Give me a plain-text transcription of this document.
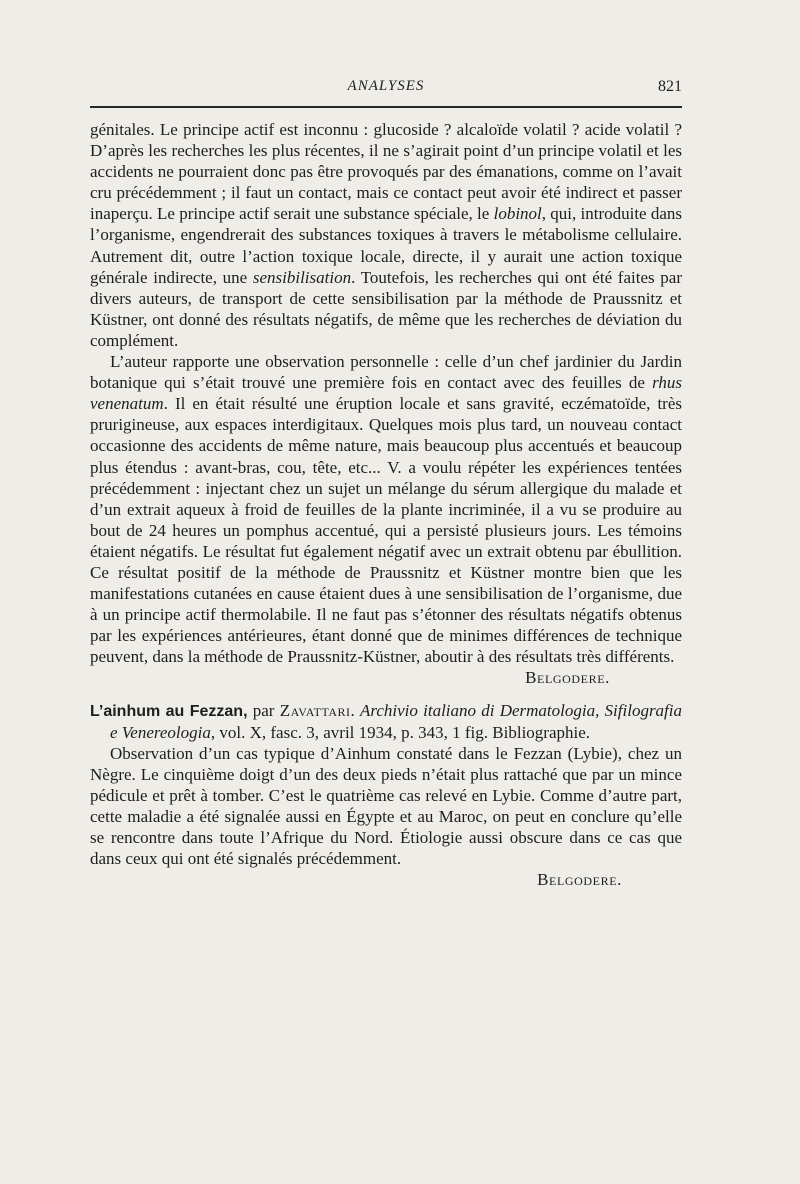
ANALYSES	821

génitales. Le principe actif est inconnu : glucoside ? alcaloïde volatil ? acide volatil ? D’après les recherches les plus récentes, il ne s’agirait point d’un principe volatil et les accidents ne pourraient donc pas être provoqués par des émanations, comme on l’avait cru précédemment ; il faut un contact, mais ce contact peut avoir été indirect et passer inaperçu. Le principe actif serait une substance spéciale, le lobinol, qui, introduite dans l’organisme, engendrerait des substances toxiques à travers le métabolisme cellulaire. Autrement dit, outre l’action toxique locale, directe, il y aurait une action toxique générale indirecte, une sensibilisation. Toutefois, les recherches qui ont été faites par divers auteurs, de transport de cette sensibilisation par la méthode de Praussnitz et Küstner, ont donné des résultats négatifs, de même que les recherches de déviation du complément.

L’auteur rapporte une observation personnelle : celle d’un chef jardinier du Jardin botanique qui s’était trouvé une première fois en contact avec des feuilles de rhus venenatum. Il en était résulté une éruption locale et sans gravité, eczématoïde, très prurigineuse, aux espaces interdigitaux. Quelques mois plus tard, un nouveau contact occasionne des accidents de même nature, mais beaucoup plus accentués et beaucoup plus étendus : avant-bras, cou, tête, etc... V. a voulu répéter les expériences tentées précédemment : injectant chez un sujet un mélange du sérum allergique du malade et d’un extrait aqueux à froid de feuilles de la plante incriminée, il a vu se produire au bout de 24 heures un pomphus accentué, qui a persisté plusieurs jours. Les témoins étaient négatifs. Le résultat fut également négatif avec un extrait obtenu par ébullition. Ce résultat positif de la méthode de Praussnitz et Küstner montre bien que les manifestations cutanées en cause étaient dues à une sensibilisation de l’organisme, due à un principe actif thermolabile. Il ne faut pas s’étonner des résultats négatifs obtenus par les expériences antérieures, étant donné que de minimes différences de technique peuvent, dans la méthode de Praussnitz-Küstner, aboutir à des résultats très différents.
Belgodere.

L’ainhum au Fezzan, par Zavattari. Archivio italiano di Dermatologia, Sifilografia e Venereologia, vol. X, fasc. 3, avril 1934, p. 343, 1 fig. Bibliographie.

Observation d’un cas typique d’Ainhum constaté dans le Fezzan (Lybie), chez un Nègre. Le cinquième doigt d’un des deux pieds n’était plus rattaché que par un mince pédicule et prêt à tomber. C’est le quatrième cas relevé en Lybie. Comme d’autre part, cette maladie a été signalée aussi en Égypte et au Maroc, on peut en conclure qu’elle se rencontre dans toute l’Afrique du Nord. Étiologie aussi obscure dans ce cas que dans ceux qui ont été signalés précédemment.

Belgodere.
